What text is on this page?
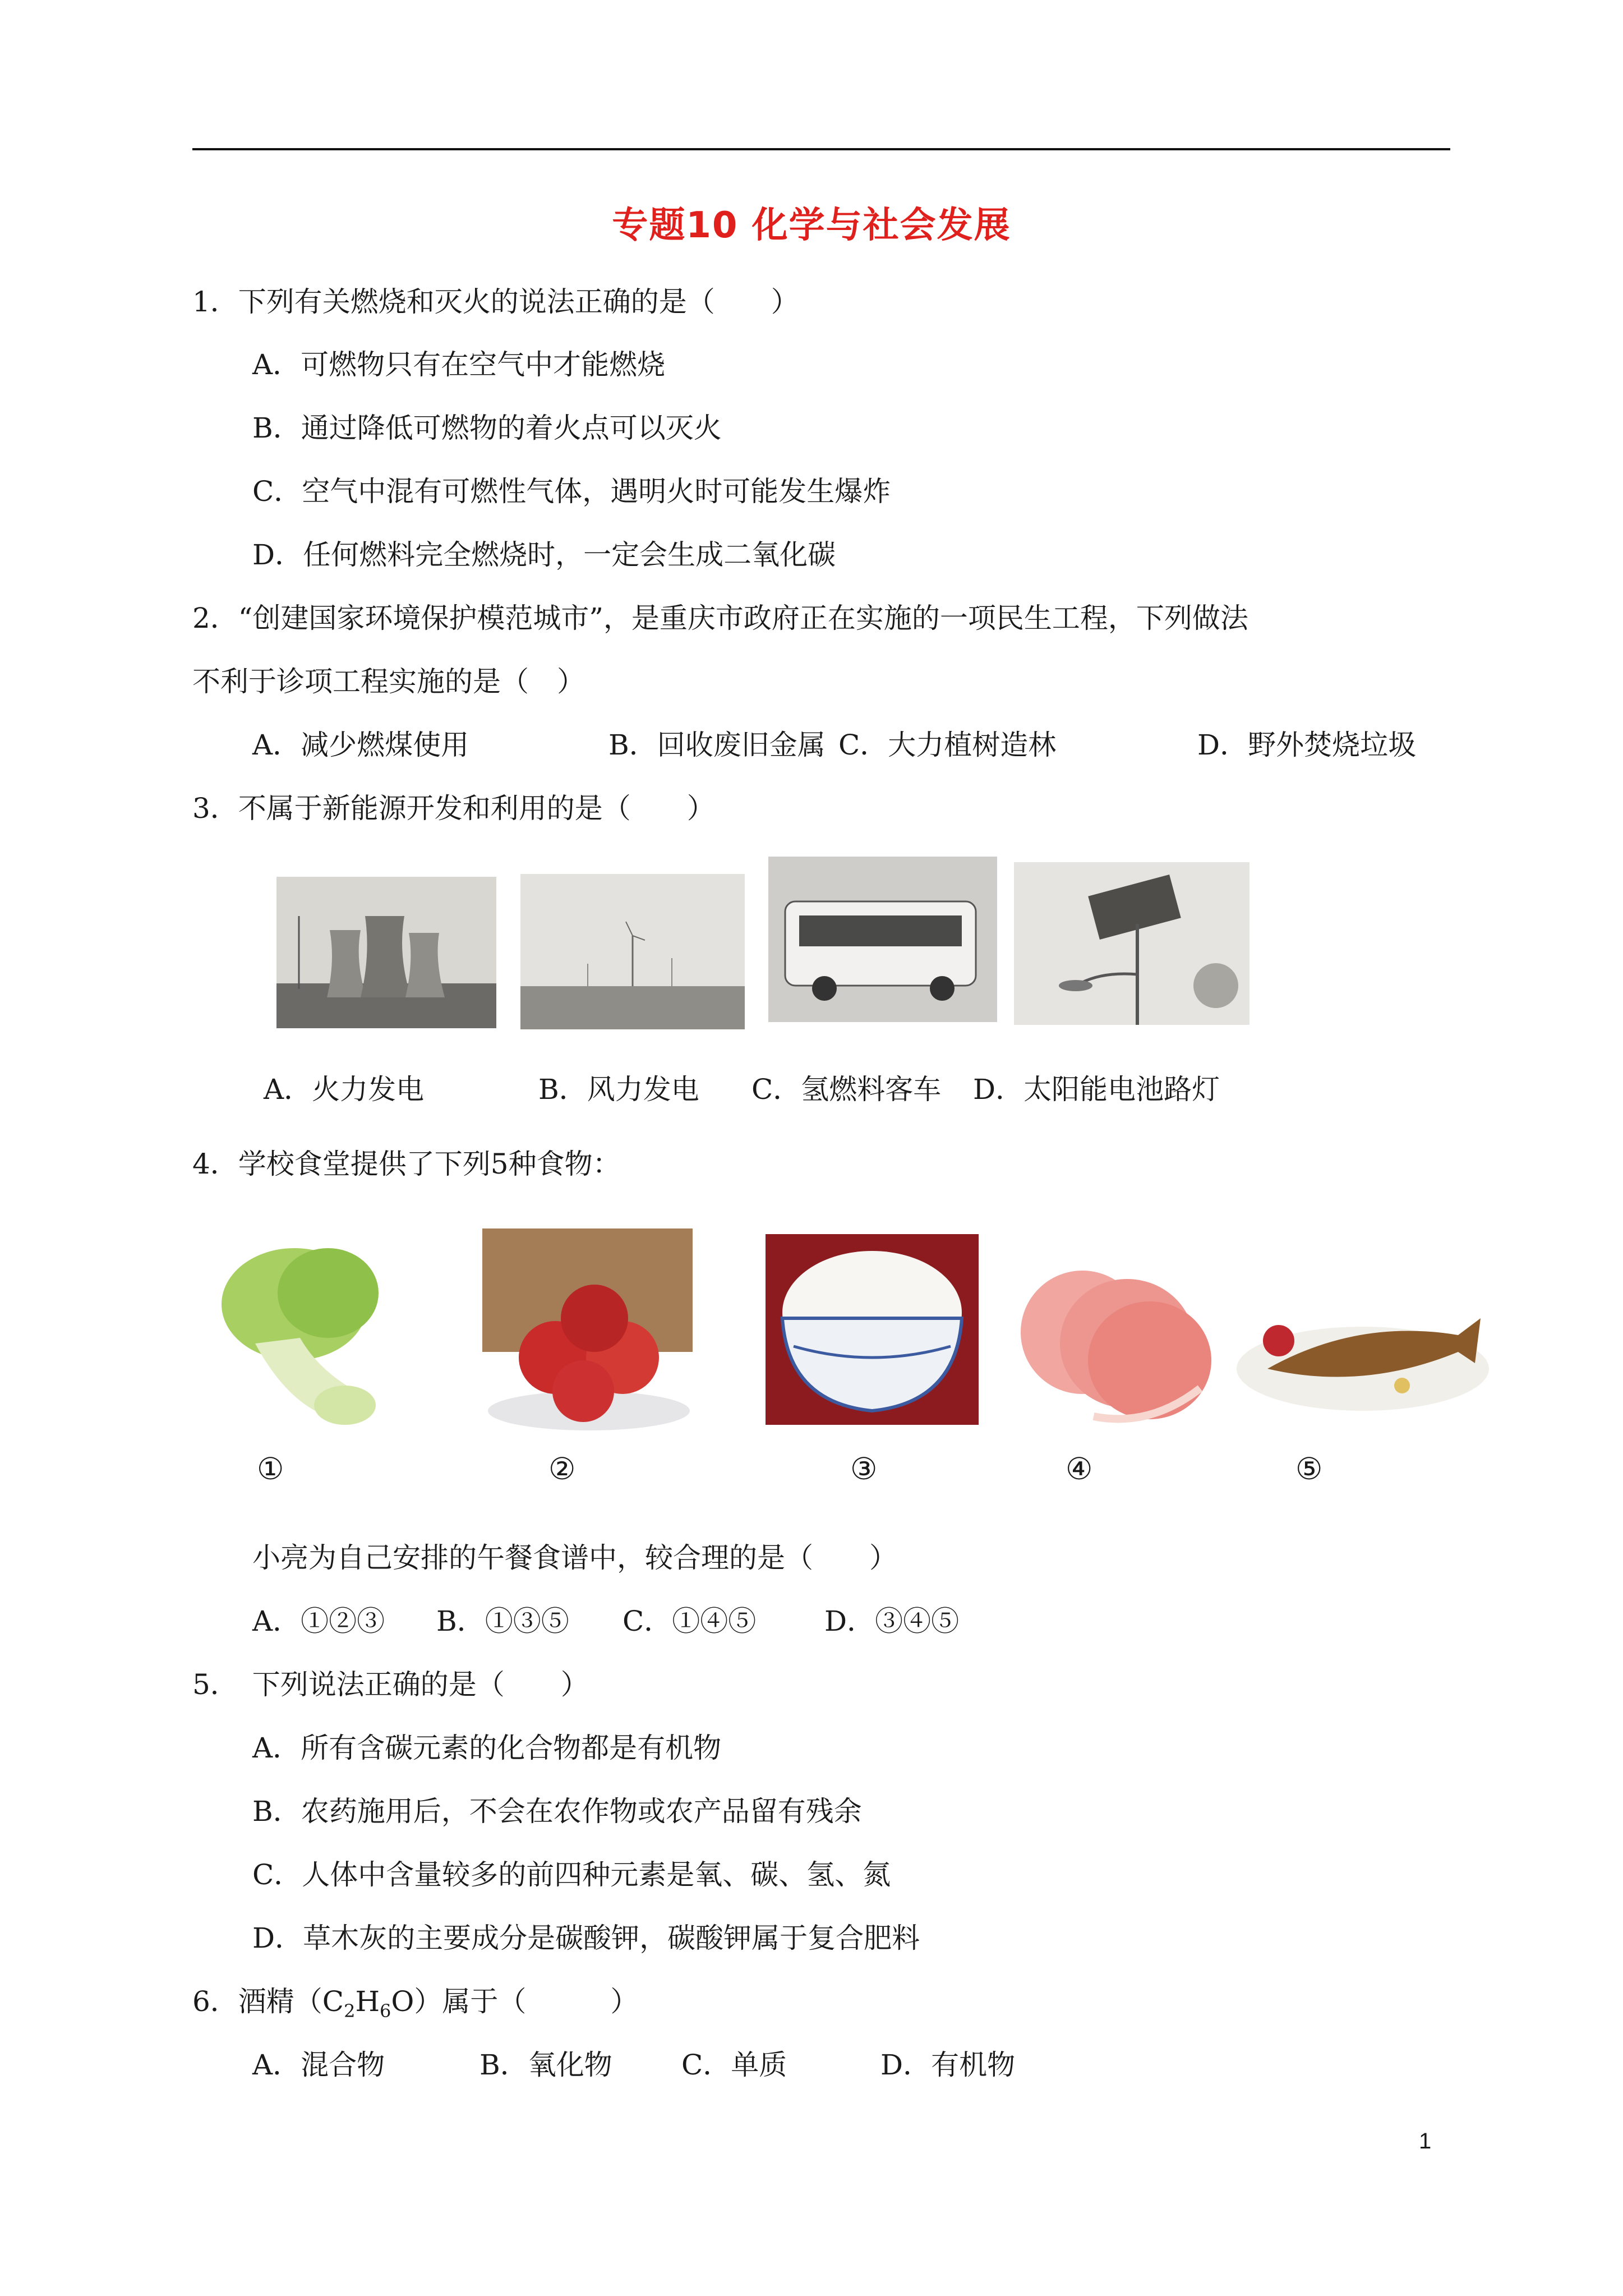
专题10 化学与社会发展
1．下列有关燃烧和灭火的说法正确的是（　　）
A．可燃物只有在空气中才能燃烧
B．通过降低可燃物的着火点可以灭火
C．空气中混有可燃性气体，遇明火时可能发生爆炸
D．任何燃料完全燃烧时，一定会生成二氧化碳
2．“创建国家环境保护模范城市”，是重庆市政府正在实施的一项民生工程，下列做法
不利于诊项工程实施的是（　）
A．减少燃煤使用	B．回收废旧金属 C．大力植树造林	D．野外焚烧垃圾
3．不属于新能源开发和利用的是（　　）
A．火力发电	B．风力发电 C．氢燃料客车 D．太阳能电池路灯
4．学校食堂提供了下列5种食物：
①	②	③	④	⑤
小亮为自己安排的午餐食谱中，较合理的是（　　）
A．①②③ B．①③⑤ C．①④⑤ D．③④⑤
5．　下列说法正确的是（　　）
A．所有含碳元素的化合物都是有机物
B．农药施用后，不会在农作物或农产品留有残余
C．人体中含量较多的前四种元素是氧、碳、氢、氮
D．草木灰的主要成分是碳酸钾，碳酸钾属于复合肥料
6．酒精$(C_2H_6O)$属于（　　　）
A．混合物	B．氧化物 C．单质	D．有机物
1
